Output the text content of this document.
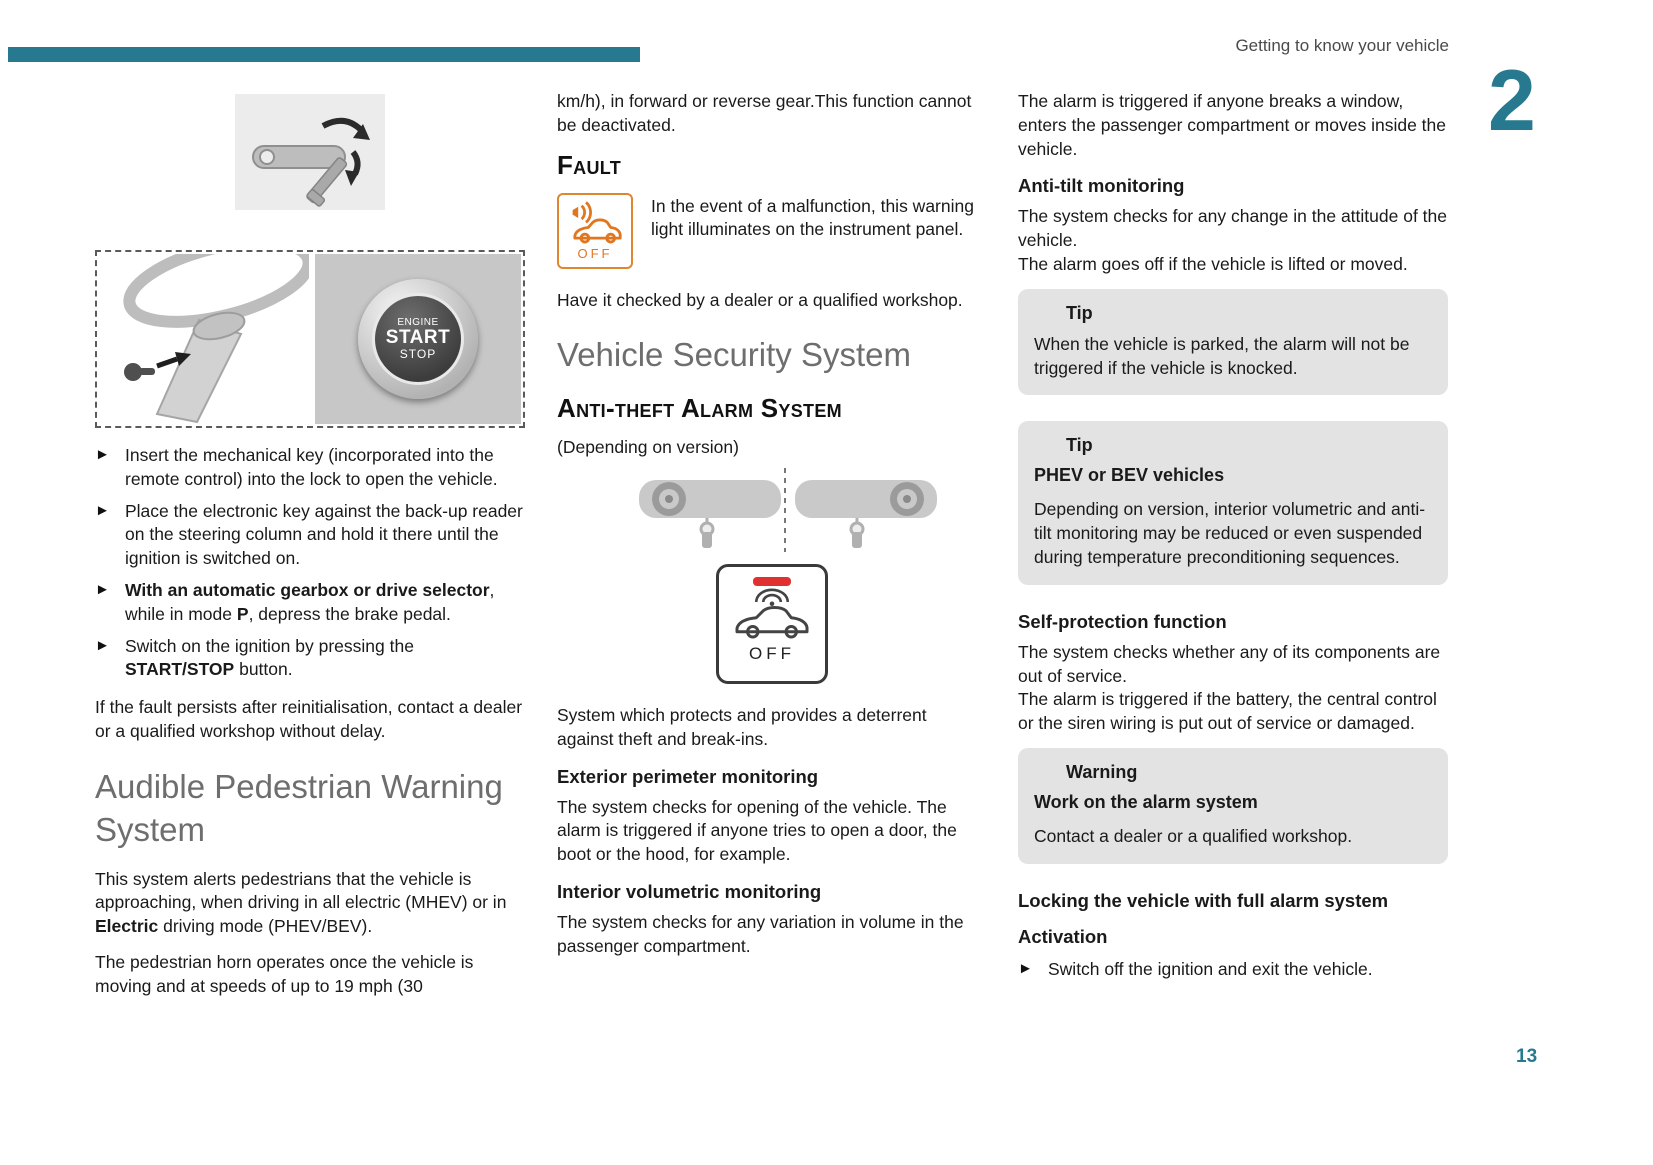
Getting to know your vehicle
2
ENGINE
START
STOP
► Insert the mechanical key (incorporated into the remote control) into the lock to open the vehicle.
► Place the electronic key against the back-up reader on the steering column and hold it there until the ignition is switched on.
► With an automatic gearbox or drive selector, while in mode P, depress the brake pedal.
► Switch on the ignition by pressing the START/STOP button.

If the fault persists after reinitialisation, contact a dealer or a qualified workshop without delay.

Audible Pedestrian Warning System

This system alerts pedestrians that the vehicle is approaching, when driving in all electric (MHEV) or in Electric driving mode (PHEV/BEV).

The pedestrian horn operates once the vehicle is moving and at speeds of up to 19 mph (30

km/h), in forward or reverse gear.This function cannot be deactivated.

Fault
OFF
In the event of a malfunction, this warning light illuminates on the instrument panel.

Have it checked by a dealer or a qualified workshop.

Vehicle Security System
Anti-theft Alarm System

(Depending on version)

OFF

System which protects and provides a deterrent against theft and break-ins.

Exterior perimeter monitoring

The system checks for opening of the vehicle. The alarm is triggered if anyone tries to open a door, the boot or the hood, for example.

Interior volumetric monitoring

The system checks for any variation in volume in the passenger compartment.

The alarm is triggered if anyone breaks a window, enters the passenger compartment or moves inside the vehicle.

Anti-tilt monitoring

The system checks for any change in the attitude of the vehicle.

The alarm goes off if the vehicle is lifted or moved.

Tip

When the vehicle is parked, the alarm will not be triggered if the vehicle is knocked.

Tip
PHEV or BEV vehicles

Depending on version, interior volumetric and anti-tilt monitoring may be reduced or even suspended during temperature preconditioning sequences.

Self-protection function

The system checks whether any of its components are out of service.

The alarm is triggered if the battery, the central control or the siren wiring is put out of service or damaged.

Warning
Work on the alarm system

Contact a dealer or a qualified workshop.

Locking the vehicle with full alarm system
Activation
► Switch off the ignition and exit the vehicle.
13
